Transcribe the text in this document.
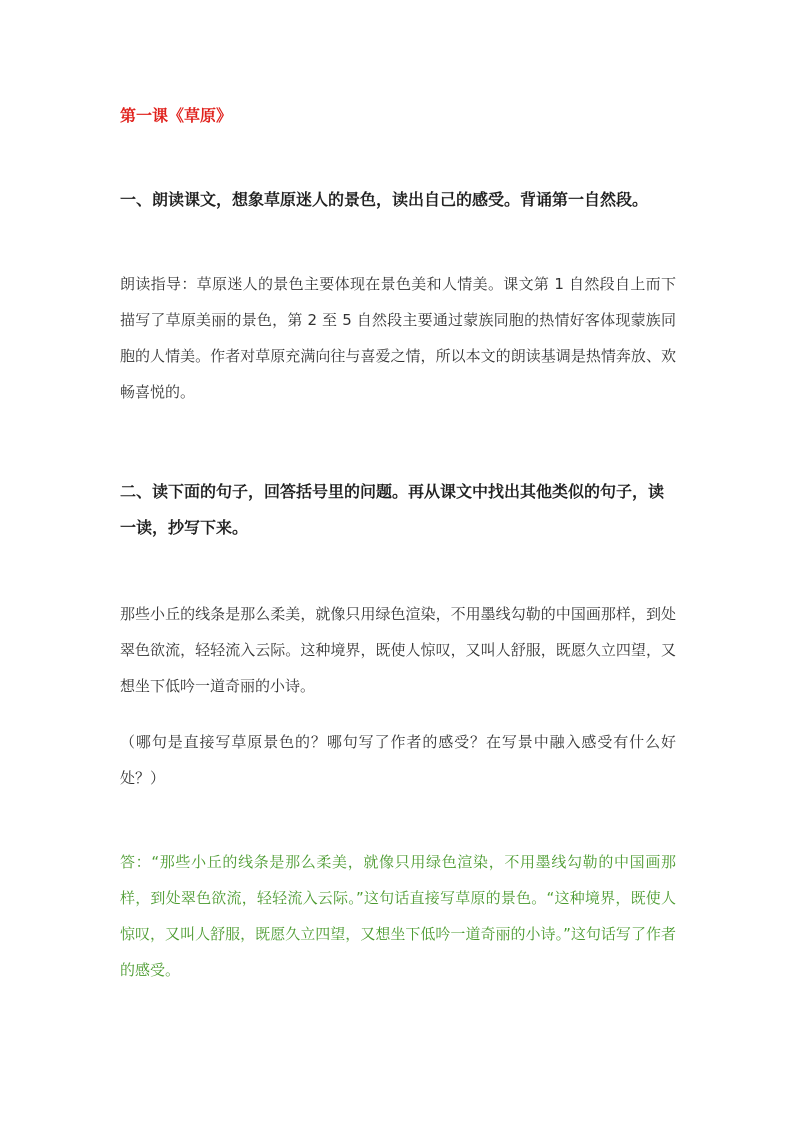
第一课《草原》
一、朗读课文，想象草原迷人的景色，读出自己的感受。背诵第一自然段。
朗读指导：草原迷人的景色主要体现在景色美和人情美。课文第 1 自然段自上而下描写了草原美丽的景色，第 2 至 5 自然段主要通过蒙族同胞的热情好客体现蒙族同胞的人情美。作者对草原充满向往与喜爱之情，所以本文的朗读基调是热情奔放、欢畅喜悦的。
二、读下面的句子，回答括号里的问题。再从课文中找出其他类似的句子，读一读，抄写下来。
那些小丘的线条是那么柔美，就像只用绿色渲染，不用墨线勾勒的中国画那样，到处翠色欲流，轻轻流入云际。这种境界，既使人惊叹，又叫人舒服，既愿久立四望，又想坐下低吟一道奇丽的小诗。
（哪句是直接写草原景色的？哪句写了作者的感受？在写景中融入感受有什么好处？）
答：“那些小丘的线条是那么柔美，就像只用绿色渲染，不用墨线勾勒的中国画那样，到处翠色欲流，轻轻流入云际。”这句话直接写草原的景色。“这种境界，既使人惊叹，又叫人舒服，既愿久立四望，又想坐下低吟一道奇丽的小诗。”这句话写了作者的感受。
